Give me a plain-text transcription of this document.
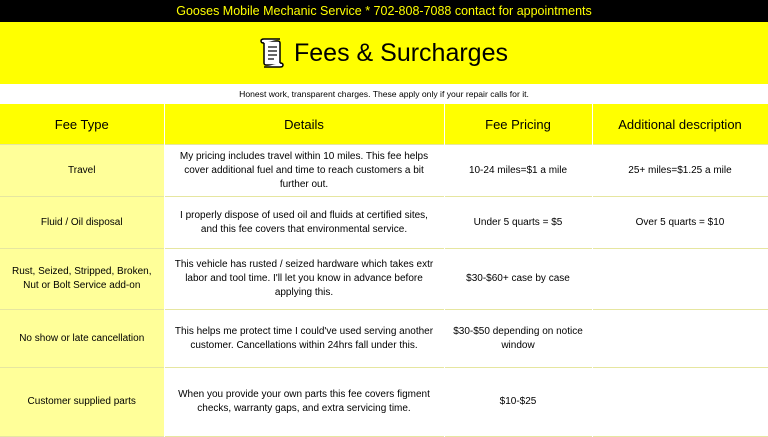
Gooses Mobile Mechanic Service * 702-808-7088 contact for appointments
Fees & Surcharges
Honest work, transparent charges. These apply only if your repair calls for it.
Fee Type	Details	Fee Pricing	Additional description
Travel	My pricing includes travel within 10 miles. This fee helps cover additional fuel and time to reach customers a bit further out.	10-24 miles=$1 a mile	25+ miles=$1.25 a mile
Fluid / Oil disposal	I properly dispose of used oil and fluids at certified sites, and this fee covers that environmental service.	Under 5 quarts = $5	Over 5 quarts = $10
Rust, Seized, Stripped, Broken, Nut or Bolt Service add-on	This vehicle has rusted / seized hardware which takes extr labor and tool time. I'll let you know in advance before applying this.	$30-$60+ case by case	
No show or late cancellation	This helps me protect time I could've used serving another customer. Cancellations within 24hrs fall under this.	$30-$50 depending on notice window	
Customer supplied parts	When you provide your own parts this fee covers figment checks, warranty gaps, and extra servicing time.	$10-$25	
